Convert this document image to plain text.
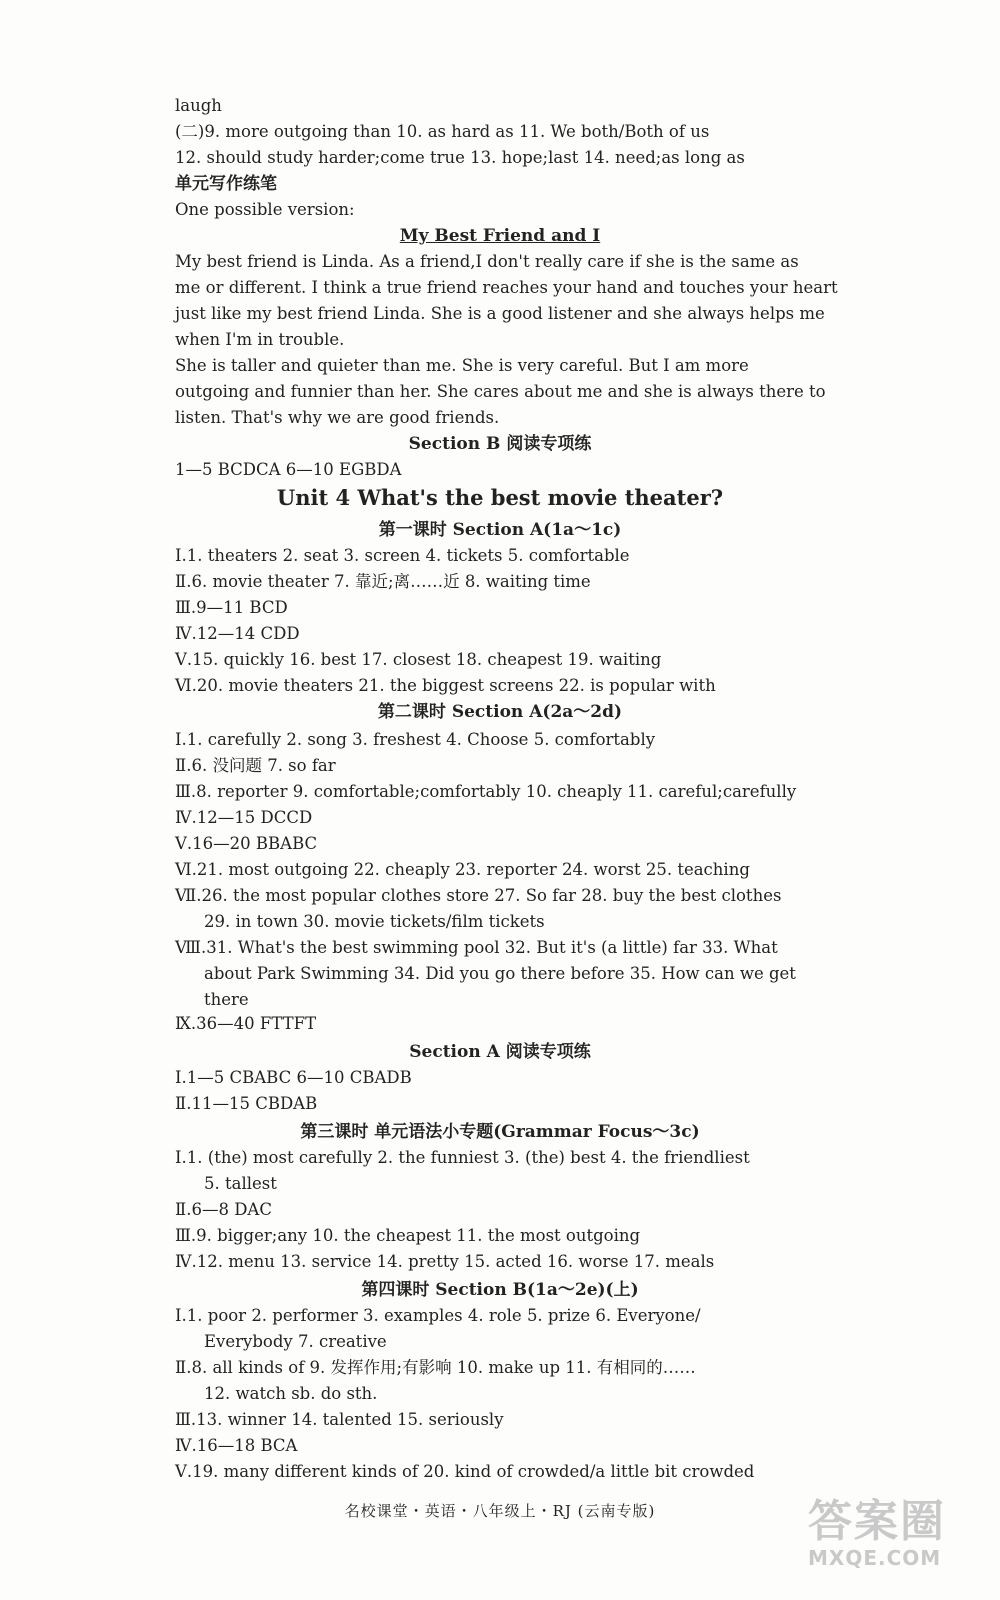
laugh
(二)9. more outgoing than 10. as hard as 11. We both/Both of us
12. should study harder;come true 13. hope;last 14. need;as long as
单元写作练笔
One possible version:
My Best Friend and I
My best friend is Linda. As a friend,I don't really care if she is the same as
me or different. I think a true friend reaches your hand and touches your heart
just like my best friend Linda. She is a good listener and she always helps me
when I'm in trouble.
She is taller and quieter than me. She is very careful. But I am more
outgoing and funnier than her. She cares about me and she is always there to
listen. That's why we are good friends.
Section B 阅读专项练
1—5 BCDCA 6—10 EGBDA
Unit 4 What's the best movie theater?
第一课时 Section A(1a～1c)
Ⅰ.1. theaters 2. seat 3. screen 4. tickets 5. comfortable
Ⅱ.6. movie theater 7. 靠近;离……近 8. waiting time
Ⅲ.9—11 BCD
Ⅳ.12—14 CDD
Ⅴ.15. quickly 16. best 17. closest 18. cheapest 19. waiting
Ⅵ.20. movie theaters 21. the biggest screens 22. is popular with
第二课时 Section A(2a～2d)
Ⅰ.1. carefully 2. song 3. freshest 4. Choose 5. comfortably
Ⅱ.6. 没问题 7. so far
Ⅲ.8. reporter 9. comfortable;comfortably 10. cheaply 11. careful;carefully
Ⅳ.12—15 DCCD
Ⅴ.16—20 BBABC
Ⅵ.21. most outgoing 22. cheaply 23. reporter 24. worst 25. teaching
Ⅶ.26. the most popular clothes store 27. So far 28. buy the best clothes
29. in town 30. movie tickets/film tickets
Ⅷ.31. What's the best swimming pool 32. But it's (a little) far 33. What
about Park Swimming 34. Did you go there before 35. How can we get
there
Ⅸ.36—40 FTTFT
Section A 阅读专项练
Ⅰ.1—5 CBABC 6—10 CBADB
Ⅱ.11—15 CBDAB
第三课时 单元语法小专题(Grammar Focus～3c)
Ⅰ.1. (the) most carefully 2. the funniest 3. (the) best 4. the friendliest
5. tallest
Ⅱ.6—8 DAC
Ⅲ.9. bigger;any 10. the cheapest 11. the most outgoing
Ⅳ.12. menu 13. service 14. pretty 15. acted 16. worse 17. meals
第四课时 Section B(1a～2e)(上)
Ⅰ.1. poor 2. performer 3. examples 4. role 5. prize 6. Everyone/
Everybody 7. creative
Ⅱ.8. all kinds of 9. 发挥作用;有影响 10. make up 11. 有相同的……
12. watch sb. do sth.
Ⅲ.13. winner 14. talented 15. seriously
Ⅳ.16—18 BCA
Ⅴ.19. many different kinds of 20. kind of crowded/a little bit crowded
名校课堂・英语・八年级上・RJ (云南专版)	答案圈
MXQE.COM
